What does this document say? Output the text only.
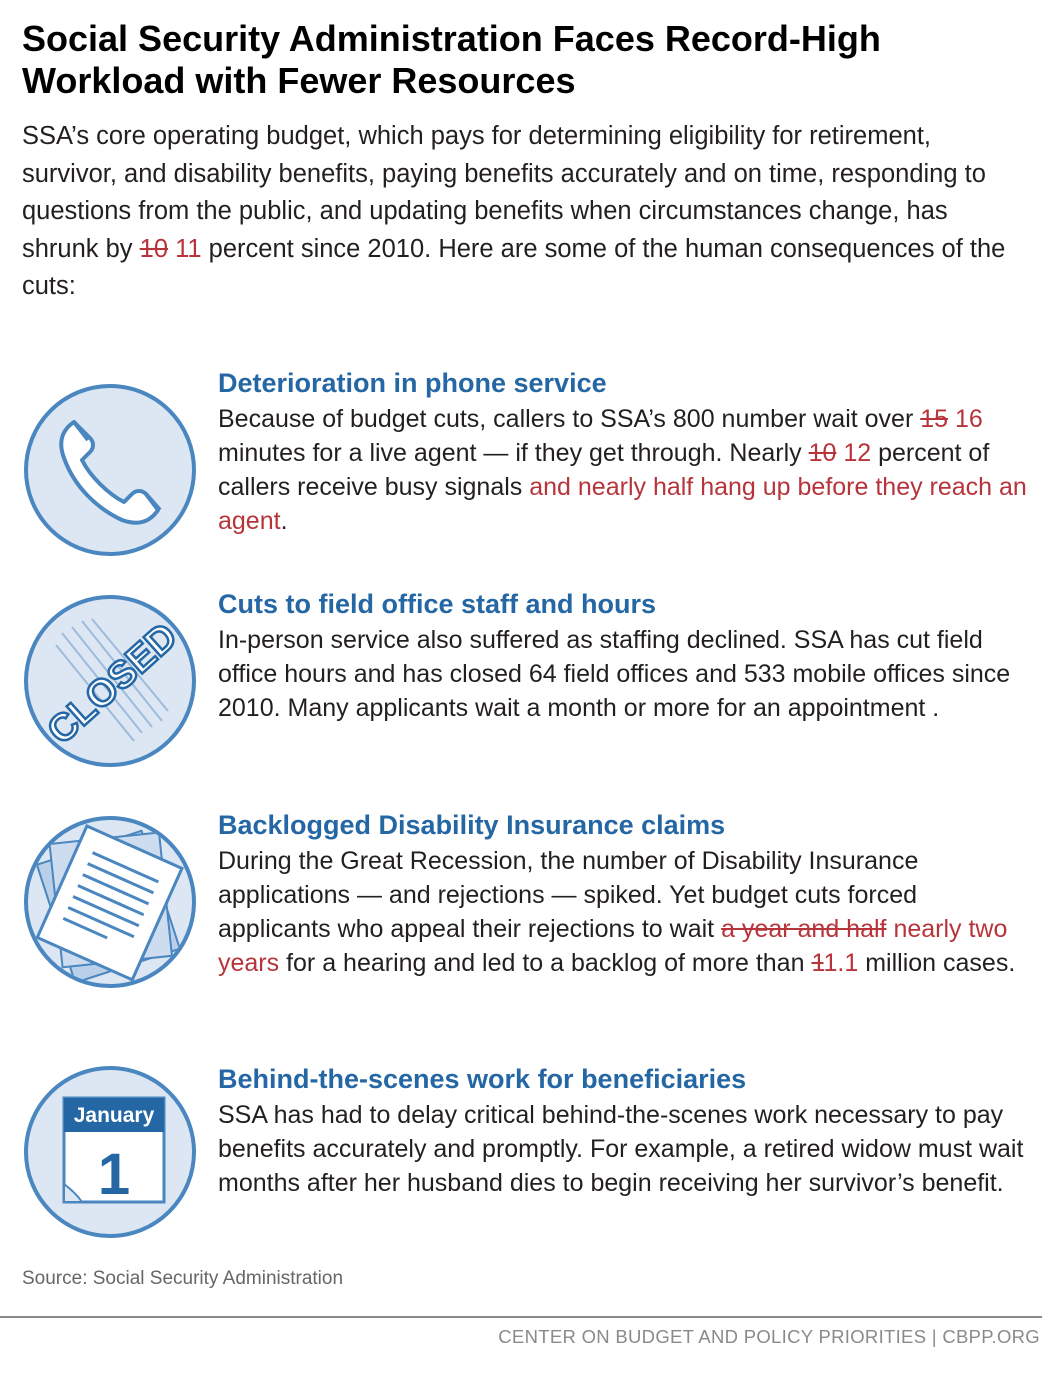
Social Security Administration Faces Record-High
Workload with Fewer Resources

SSA’s core operating budget, which pays for determining eligibility for retirement, survivor, and disability benefits, paying benefits accurately and on time, responding to questions from the public, and updating benefits when circumstances change, has shrunk by 10 11 percent since 2010. Here are some of the human consequences of the cuts:

Deterioration in phone service

Because of budget cuts, callers to SSA’s 800 number wait over 15 16 minutes for a live agent — if they get through. Nearly 10 12 percent of callers receive busy signals and nearly half hang up before they reach an agent.

CLOSED
Cuts to field office staff and hours

In-person service also suffered as staffing declined. SSA has cut field office hours and has closed 64 field offices and 533 mobile offices since 2010. Many applicants wait a month or more for an appointment .

Backlogged Disability Insurance claims

During the Great Recession, the number of Disability Insurance applications — and rejections — spiked. Yet budget cuts forced applicants who appeal their rejections to wait a year and half nearly two years for a hearing and led to a backlog of more than 11.1 million cases.

January
1
Behind-the-scenes work for beneficiaries

SSA has had to delay critical behind-the-scenes work necessary to pay benefits accurately and promptly. For example, a retired widow must wait months after her husband dies to begin receiving her survivor’s benefit.

Source: Social Security Administration
CENTER ON BUDGET AND POLICY PRIORITIES | CBPP.ORG
